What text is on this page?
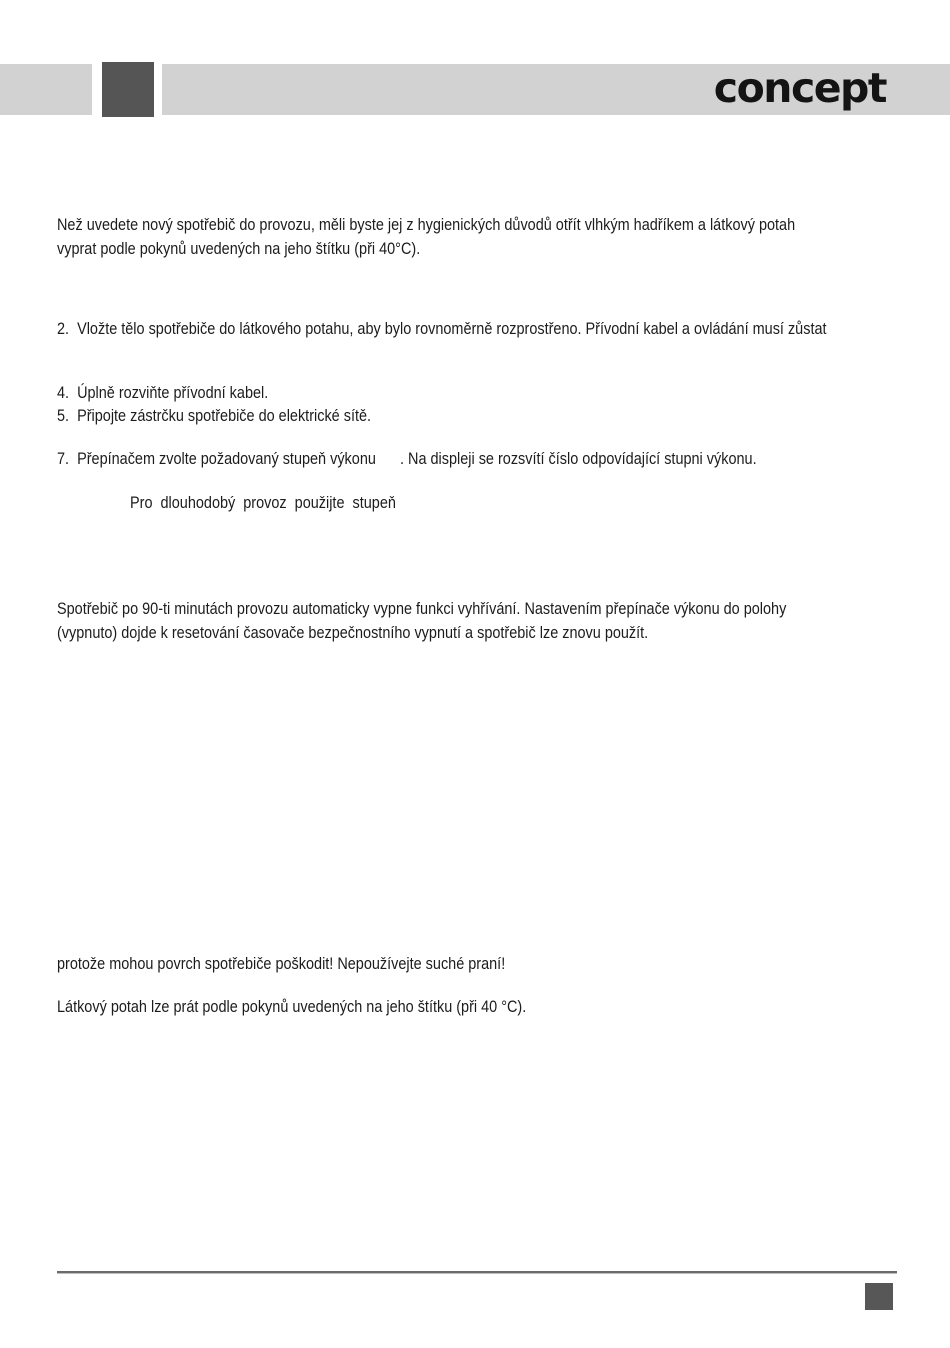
concept
Než uvedete nový spotřebič do provozu, měli byste jej z hygienických důvodů otřít vlhkým hadříkem a látkový potah
vyprat podle pokynů uvedených na jeho štítku (při 40°C).
2.  Vložte tělo spotřebiče do látkového potahu, aby bylo rovnoměrně rozprostřeno. Přívodní kabel a ovládání musí zůstat
4.  Úplně rozviňte přívodní kabel.
5.  Připojte zástrčku spotřebiče do elektrické sítě.
7.  Přepínačem zvolte požadovaný stupeň výkonu      . Na displeji se rozsvítí číslo odpovídající stupni výkonu.
Pro  dlouhodobý  provoz  použijte  stupeň
Spotřebič po 90-ti minutách provozu automaticky vypne funkci vyhřívání. Nastavením přepínače výkonu do polohy
(vypnuto) dojde k resetování časovače bezpečnostního vypnutí a spotřebič lze znovu použít.
protože mohou povrch spotřebiče poškodit! Nepoužívejte suché praní!
Látkový potah lze prát podle pokynů uvedených na jeho štítku (při 40 °C).
